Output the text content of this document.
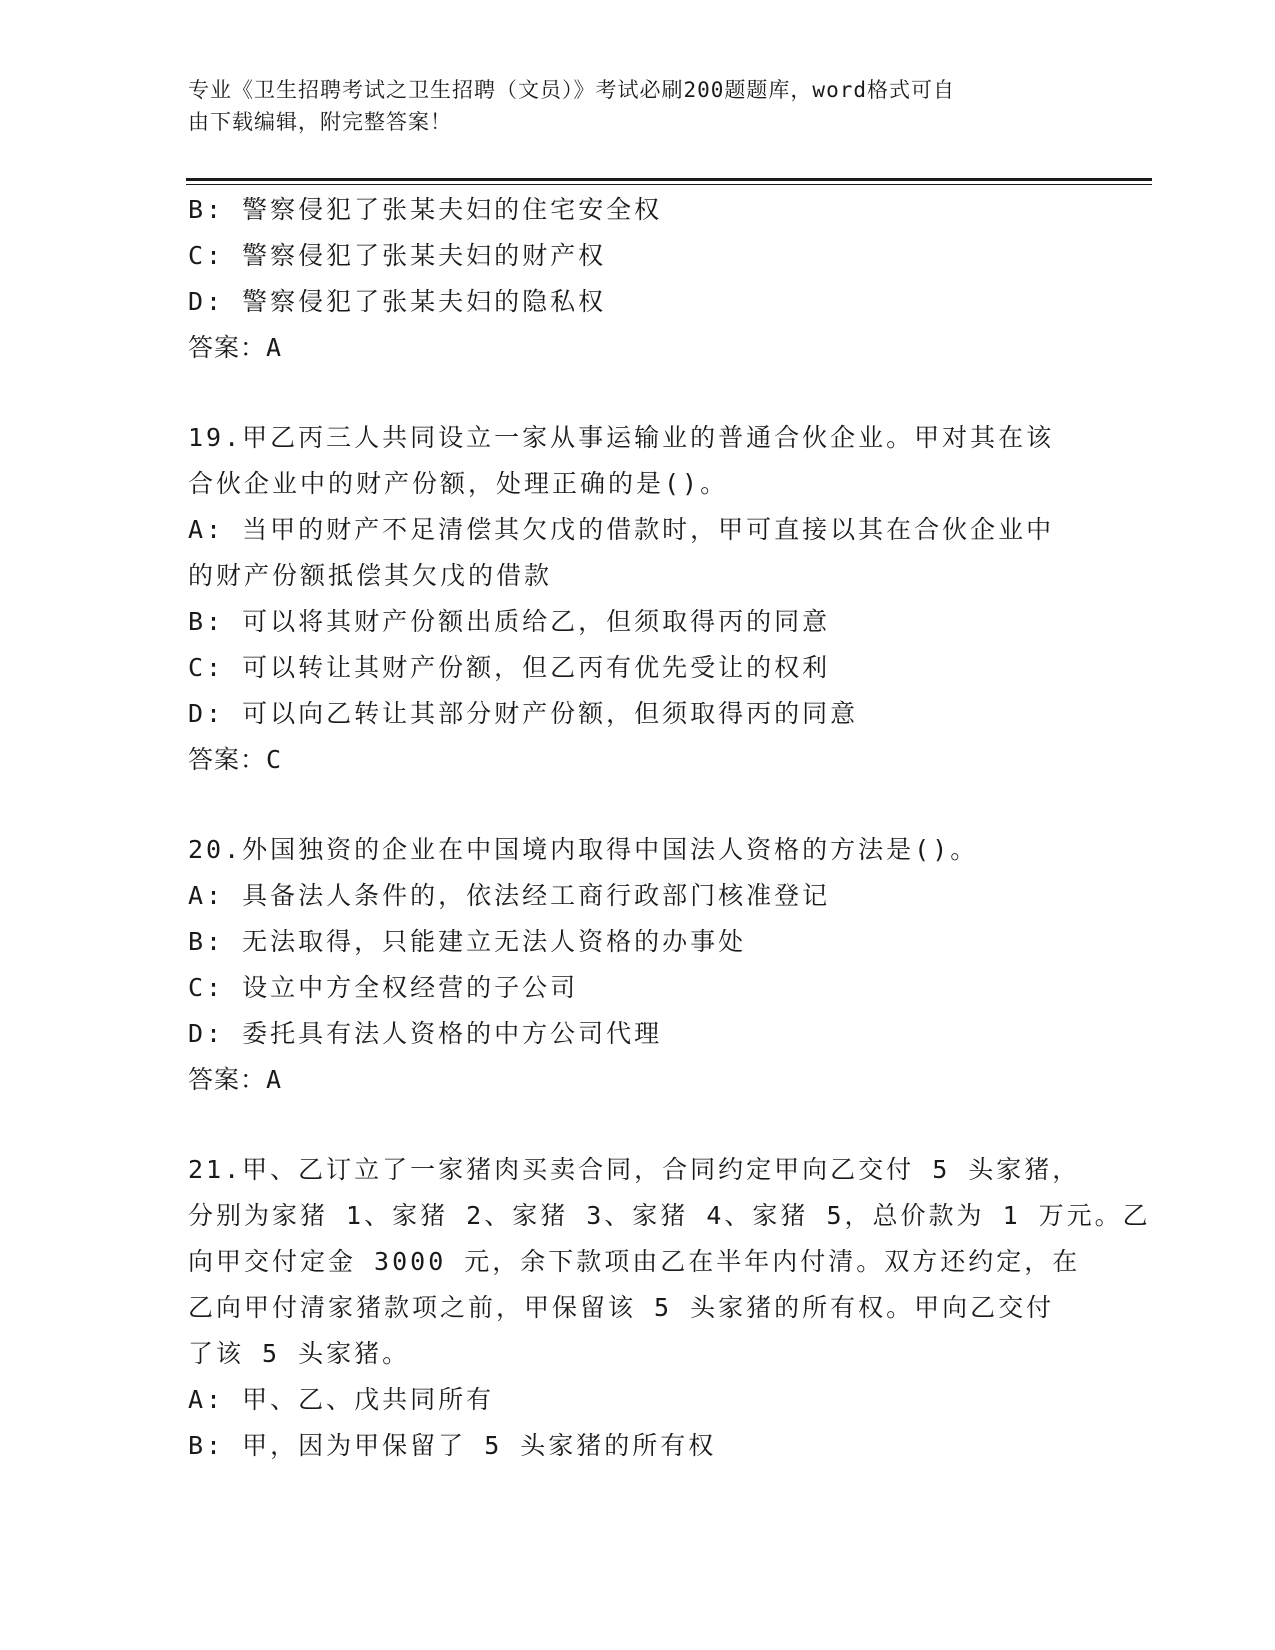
专业《卫生招聘考试之卫生招聘（文员）》考试必刷200题题库，word格式可自
由下载编辑，附完整答案！
B: 警察侵犯了张某夫妇的住宅安全权
C: 警察侵犯了张某夫妇的财产权
D: 警察侵犯了张某夫妇的隐私权
答案：A
19.甲乙丙三人共同设立一家从事运输业的普通合伙企业。甲对其在该
合伙企业中的财产份额，处理正确的是()。
A: 当甲的财产不足清偿其欠戊的借款时，甲可直接以其在合伙企业中
的财产份额抵偿其欠戊的借款
B: 可以将其财产份额出质给乙，但须取得丙的同意
C: 可以转让其财产份额，但乙丙有优先受让的权利
D: 可以向乙转让其部分财产份额，但须取得丙的同意
答案：C
20.外国独资的企业在中国境内取得中国法人资格的方法是()。
A: 具备法人条件的，依法经工商行政部门核准登记
B: 无法取得，只能建立无法人资格的办事处
C: 设立中方全权经营的子公司
D: 委托具有法人资格的中方公司代理
答案：A
21.甲、乙订立了一家猪肉买卖合同，合同约定甲向乙交付 5 头家猪，
分别为家猪 1、家猪 2、家猪 3、家猪 4、家猪 5，总价款为 1 万元。乙
向甲交付定金 3000 元，余下款项由乙在半年内付清。双方还约定，在
乙向甲付清家猪款项之前，甲保留该 5 头家猪的所有权。甲向乙交付
了该 5 头家猪。
A: 甲、乙、戊共同所有
B: 甲，因为甲保留了 5 头家猪的所有权
